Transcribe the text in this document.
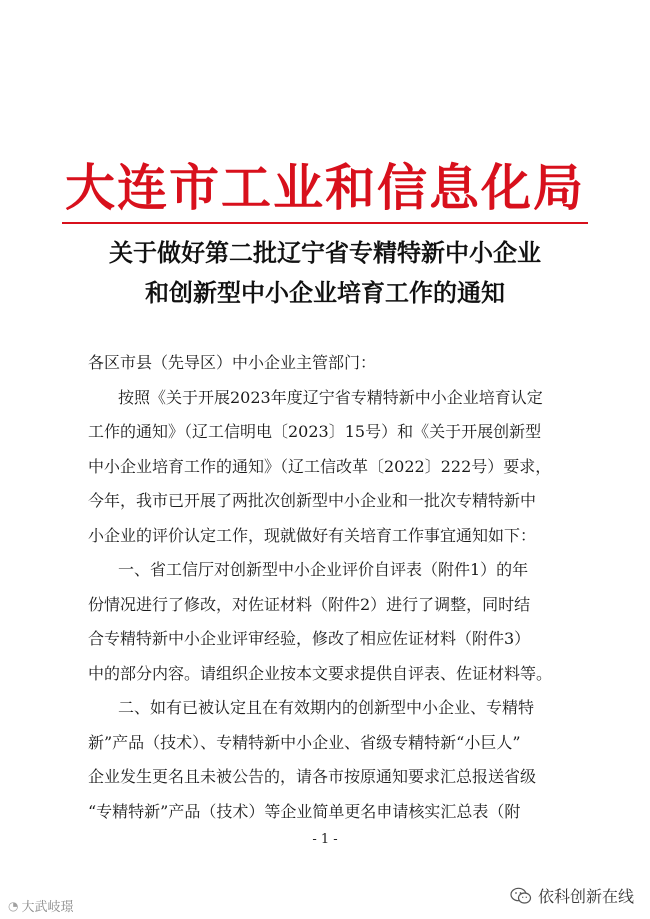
大连市工业和信息化局
关于做好第二批辽宁省专精特新中小企业
和创新型中小企业培育工作的通知
各区市县（先导区）中小企业主管部门：
按照《关于开展2023年度辽宁省专精特新中小企业培育认定
工作的通知》（辽工信明电〔2023〕15号）和《关于开展创新型
中小企业培育工作的通知》（辽工信改革〔2022〕222号）要求，
今年，我市已开展了两批次创新型中小企业和一批次专精特新中
小企业的评价认定工作，现就做好有关培育工作事宜通知如下：
一、省工信厅对创新型中小企业评价自评表（附件1）的年
份情况进行了修改，对佐证材料（附件2）进行了调整，同时结
合专精特新中小企业评审经验，修改了相应佐证材料（附件3）
中的部分内容。请组织企业按本文要求提供自评表、佐证材料等。
二、如有已被认定且在有效期内的创新型中小企业、专精特
新”产品（技术）、专精特新中小企业、省级专精特新“小巨人”
企业发生更名且未被公告的，请各市按原通知要求汇总报送省级
“专精特新”产品（技术）等企业简单更名申请核实汇总表（附
- 1 -
◔ 大武岐璟
依科创新在线
